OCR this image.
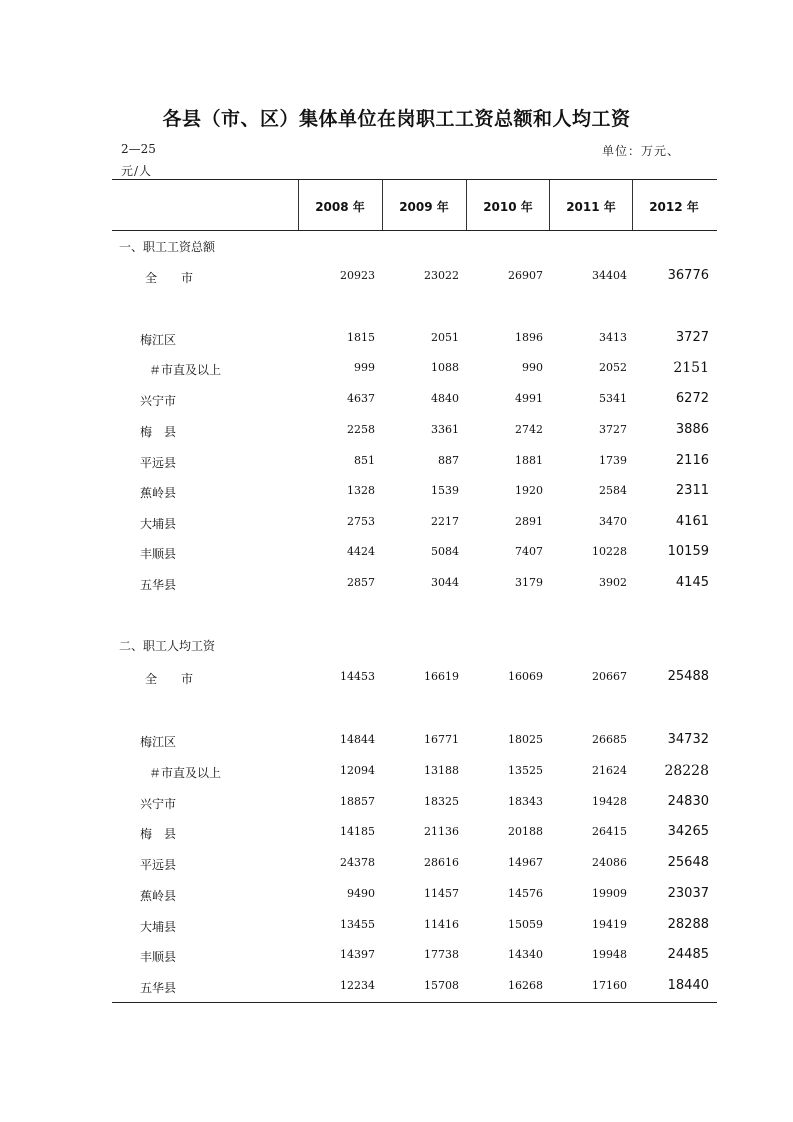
各县（市、区）集体单位在岗职工工资总额和人均工资
2—25	单位：万元、
元/人
2008 年	2009 年	2010 年	2011 年	2012 年
一、职工工资总额
全　　市	20923	23022	26907	34404	36776
梅江区	1815	2051	1896	3413	3727
＃市直及以上	999	1088	990	2052	2151
兴宁市	4637	4840	4991	5341	6272
梅　县	2258	3361	2742	3727	3886
平远县	851	887	1881	1739	2116
蕉岭县	1328	1539	1920	2584	2311
大埔县	2753	2217	2891	3470	4161
丰顺县	4424	5084	7407	10228	10159
五华县	2857	3044	3179	3902	4145
二、职工人均工资
全　　市	14453	16619	16069	20667	25488
梅江区	14844	16771	18025	26685	34732
＃市直及以上	12094	13188	13525	21624	28228
兴宁市	18857	18325	18343	19428	24830
梅　县	14185	21136	20188	26415	34265
平远县	24378	28616	14967	24086	25648
蕉岭县	9490	11457	14576	19909	23037
大埔县	13455	11416	15059	19419	28288
丰顺县	14397	17738	14340	19948	24485
五华县	12234	15708	16268	17160	18440
